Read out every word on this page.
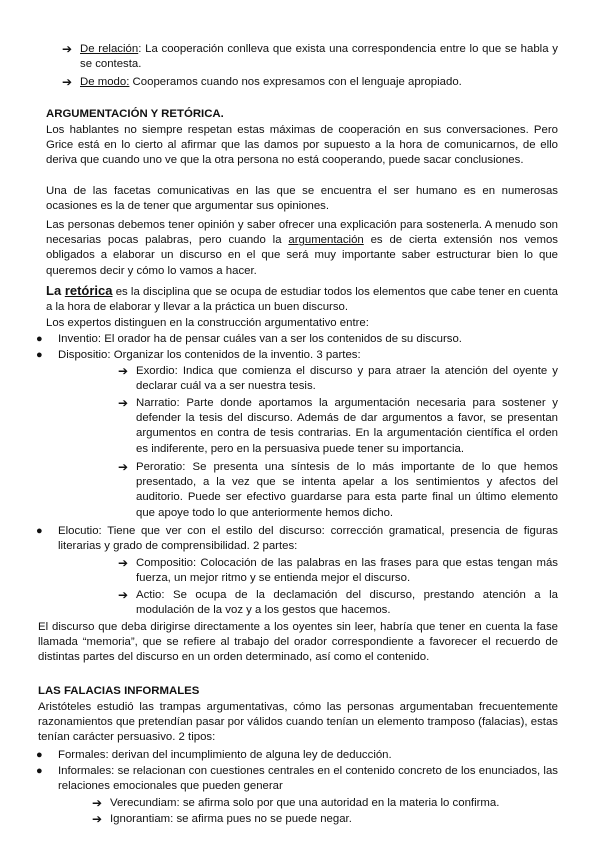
➔ De relación: La cooperación conlleva que exista una correspondencia entre lo que se habla y se contesta.
➔ De modo: Cooperamos cuando nos expresamos con el lenguaje apropiado.
ARGUMENTACIÓN Y RETÓRICA.
Los hablantes no siempre respetan estas máximas de cooperación en sus conversaciones. Pero Grice está en lo cierto al afirmar que las damos por supuesto a la hora de comunicarnos, de ello deriva que cuando uno ve que la otra persona no está cooperando, puede sacar conclusiones.
Una de las facetas comunicativas en las que se encuentra el ser humano es en numerosas ocasiones es la de tener que argumentar sus opiniones.
Las personas debemos tener opinión y saber ofrecer una explicación para sostenerla. A menudo son necesarias pocas palabras, pero cuando la argumentación es de cierta extensión nos vemos obligados a elaborar un discurso en el que será muy importante saber estructurar bien lo que queremos decir y cómo lo vamos a hacer.
La retórica es la disciplina que se ocupa de estudiar todos los elementos que cabe tener en cuenta a la hora de elaborar y llevar a la práctica un buen discurso.
Los expertos distinguen en la construcción argumentativo entre:
● Inventio: El orador ha de pensar cuáles van a ser los contenidos de su discurso.
● Dispositio: Organizar los contenidos de la inventio. 3 partes:
➔ Exordio: Indica que comienza el discurso y para atraer la atención del oyente y declarar cuál va a ser nuestra tesis.
➔ Narratio: Parte donde aportamos la argumentación necesaria para sostener y defender la tesis del discurso. Además de dar argumentos a favor, se presentan argumentos en contra de tesis contrarias. En la argumentación científica el orden es indiferente, pero en la persuasiva puede tener su importancia.
➔ Peroratio: Se presenta una síntesis de lo más importante de lo que hemos presentado, a la vez que se intenta apelar a los sentimientos y afectos del auditorio. Puede ser efectivo guardarse para esta parte final un último elemento que apoye todo lo que anteriormente hemos dicho.
● Elocutio: Tiene que ver con el estilo del discurso: corrección gramatical, presencia de figuras literarias y grado de comprensibilidad. 2 partes:
➔ Compositio: Colocación de las palabras en las frases para que estas tengan más fuerza, un mejor ritmo y se entienda mejor el discurso.
➔ Actio: Se ocupa de la declamación del discurso, prestando atención a la modulación de la voz y a los gestos que hacemos.
El discurso que deba dirigirse directamente a los oyentes sin leer, habría que tener en cuenta la fase llamada “memoria”, que se refiere al trabajo del orador correspondiente a favorecer el recuerdo de distintas partes del discurso en un orden determinado, así como el contenido.
LAS FALACIAS INFORMALES
Aristóteles estudió las trampas argumentativas, cómo las personas argumentaban frecuentemente razonamientos que pretendían pasar por válidos cuando tenían un elemento tramposo (falacias), estas tenían carácter persuasivo. 2 tipos:
● Formales: derivan del incumplimiento de alguna ley de deducción.
● Informales: se relacionan con cuestiones centrales en el contenido concreto de los enunciados, las relaciones emocionales que pueden generar
➔ Verecundiam: se afirma solo por que una autoridad en la materia lo confirma.
➔ Ignorantiam: se afirma pues no se puede negar.
